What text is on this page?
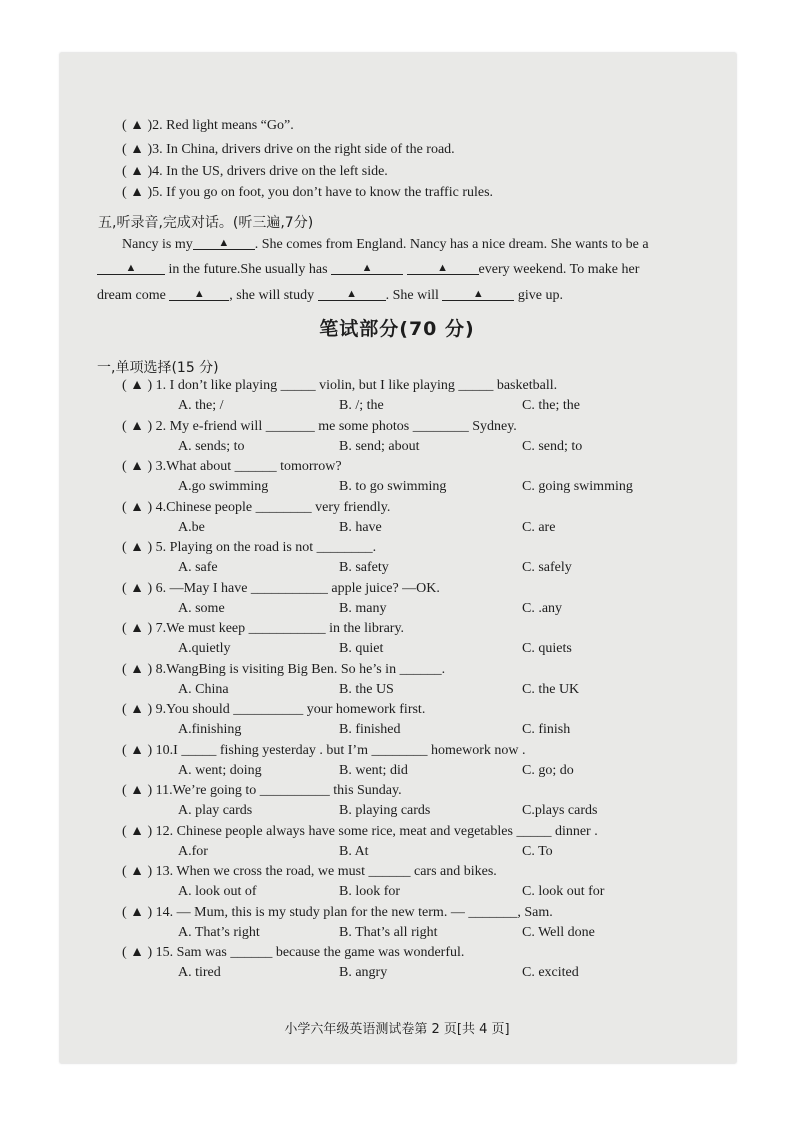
( ▲ )2. Red light means “Go”.
( ▲ )3. In China, drivers drive on the right side of the road.
( ▲ )4. In the US, drivers drive on the left side.
( ▲ )5. If you go on foot, you don’t have to know the traffic rules.
五,听录音,完成对话。(听三遍,7分)
Nancy is my ▲ . She comes from England. Nancy has a nice dream. She wants to be a
▲ in the future.She usually has	▲	▲ every weekend. To make her
dream come	▲ , she will study	▲ . She will	▲ give up.
笔试部分(70 分)
一,单项选择(15 分)
( ▲ ) 1. I don’t like playing _____ violin, but I like playing _____ basketball.
A. the; /	B. /; the	C. the; the
( ▲ ) 2. My e-friend will _______ me some photos ________ Sydney.
A. sends; to	B. send; about	C. send; to
( ▲ ) 3.What about ______ tomorrow?
A.go swimming	B. to go swimming	C. going swimming
( ▲ ) 4.Chinese people ________ very friendly.
A.be	B. have	C. are
( ▲ ) 5. Playing on the road is not ________.
A. safe	B. safety	C. safely
( ▲ ) 6. —May I have ___________ apple juice? —OK.
A. some	B. many	C. .any
( ▲ ) 7.We must keep ___________ in the library.
A.quietly	B. quiet	C. quiets
( ▲ ) 8.WangBing is visiting Big Ben. So he’s in ______.
A. China	B. the US	C. the UK
( ▲ ) 9.You should __________ your homework first.
A.finishing	B. finished	C. finish
( ▲ ) 10.I _____ fishing yesterday . but I’m ________ homework now .
A. went; doing	B. went; did	C. go; do
( ▲ ) 11.We’re going to __________ this Sunday.
A. play cards	B. playing cards	C.plays cards
( ▲ ) 12. Chinese people always have some rice, meat and vegetables _____ dinner .
A.for	B. At	C. To
( ▲ ) 13. When we cross the road, we must ______ cars and bikes.
A. look out of	B. look for	C. look out for
( ▲ ) 14. — Mum, this is my study plan for the new term. — _______, Sam.
A. That’s right	B. That’s all right	C. Well done
( ▲ ) 15. Sam was ______ because the game was wonderful.
A. tired	B. angry	C. excited
小学六年级英语测试卷第 2 页[共 4 页]
